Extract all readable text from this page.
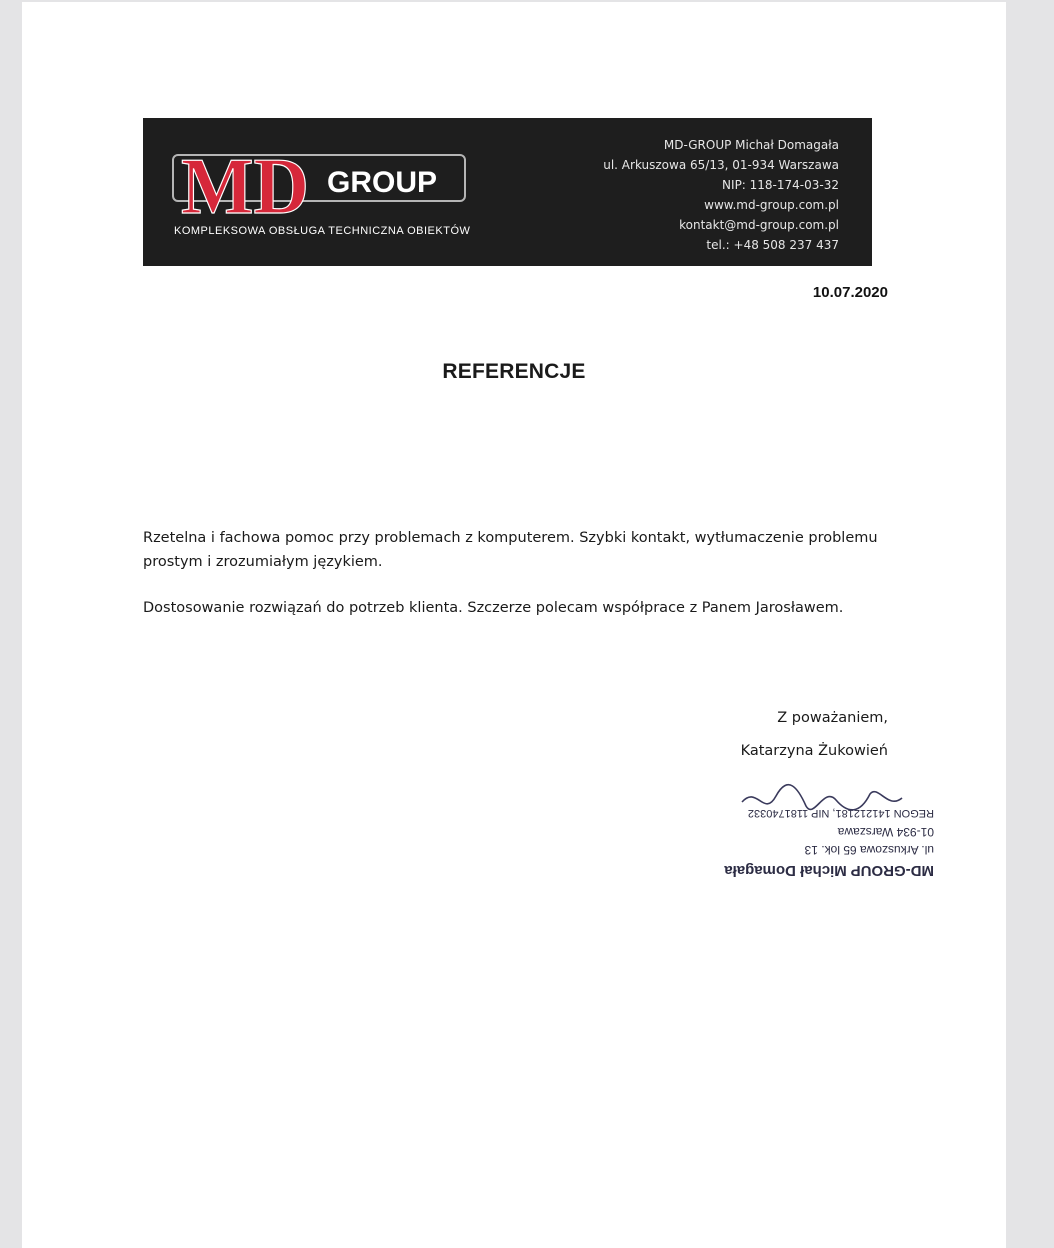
MD GROUP
KOMPLEKSOWA OBSŁUGA TECHNICZNA OBIEKTÓW
MD-GROUP Michał Domagała
ul. Arkuszowa 65/13, 01-934 Warszawa
NIP: 118-174-03-32
www.md-group.com.pl
kontakt@md-group.com.pl
tel.: +48 508 237 437
10.07.2020
REFERENCJE

Rzetelna i fachowa pomoc przy problemach z komputerem. Szybki kontakt, wytłumaczenie problemu prostym i zrozumiałym językiem.

Dostosowanie rozwiązań do potrzeb klienta. Szczerze polecam współprace z Panem Jarosławem.

Z poważaniem,
Katarzyna Żukowień
MD-GROUP Michał Domagała
ul. Arkuszowa 65 lok. 13
01-934 Warszawa
REGON 141212181, NIP 1181740332
